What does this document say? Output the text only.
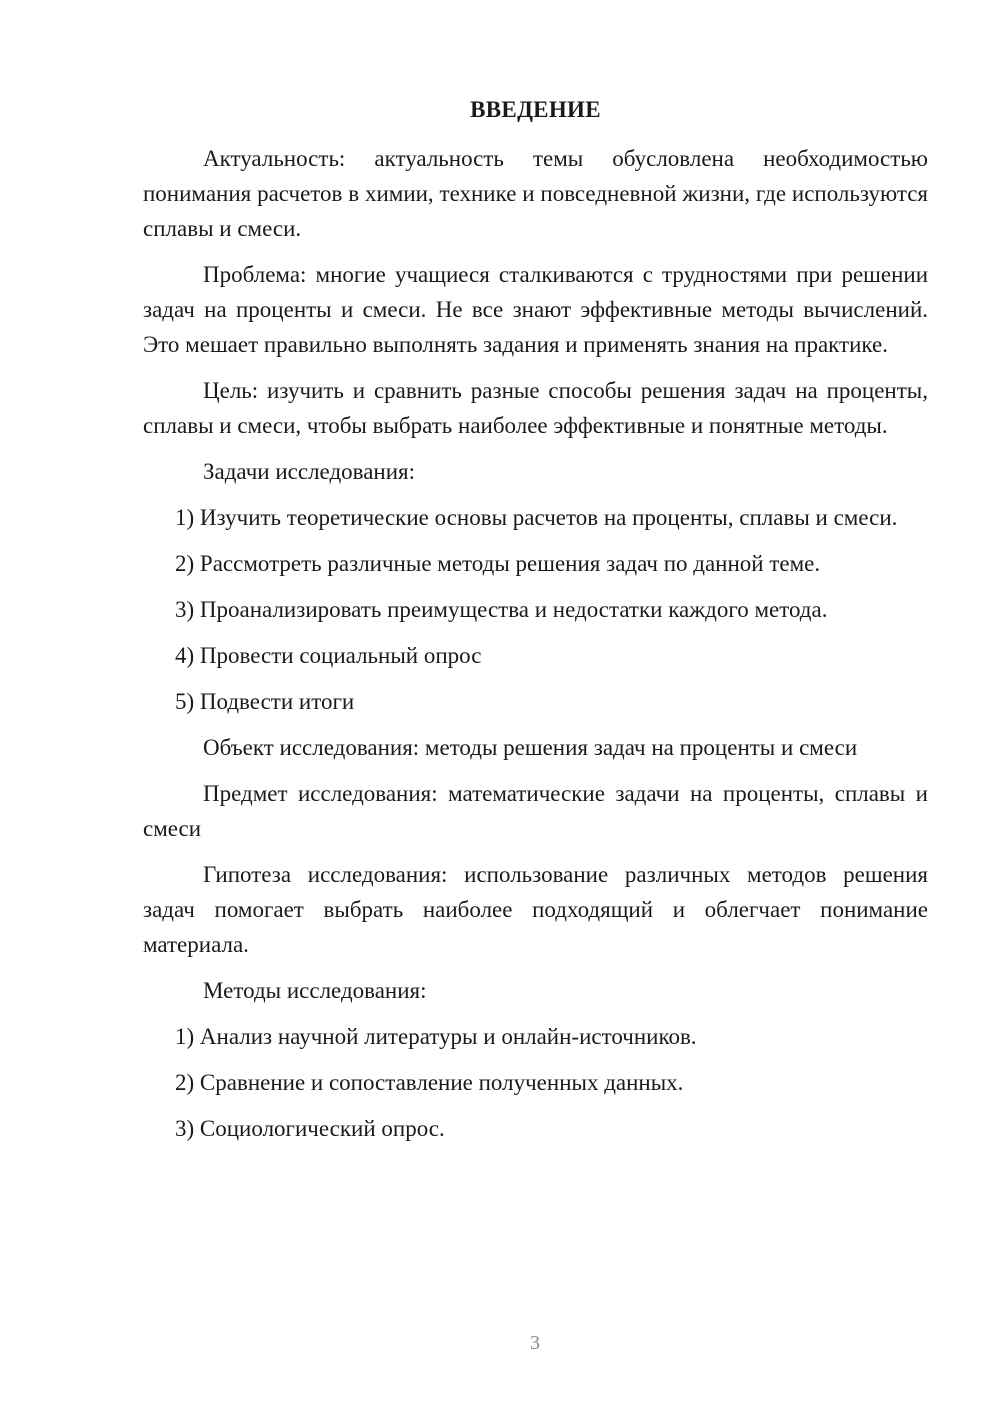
ВВЕДЕНИЕ

Актуальность: актуальность темы обусловлена необходимостью понимания расчетов в химии, технике и повседневной жизни, где используются сплавы и смеси.

Проблема: многие учащиеся сталкиваются с трудностями при решении задач на проценты и смеси. Не все знают эффективные методы вычислений. Это мешает правильно выполнять задания и применять знания на практике.

Цель: изучить и сравнить разные способы решения задач на проценты, сплавы и смеси, чтобы выбрать наиболее эффективные и понятные методы.

Задачи исследования:

1) Изучить теоретические основы расчетов на проценты, сплавы и смеси.

2) Рассмотреть различные методы решения задач по данной теме.

3) Проанализировать преимущества и недостатки каждого метода.

4) Провести социальный опрос

5) Подвести итоги

Объект исследования: методы решения задач на проценты и смеси

Предмет исследования: математические задачи на проценты, сплавы и смеси

Гипотеза исследования: использование различных методов решения задач помогает выбрать наиболее подходящий и облегчает понимание материала.

Методы исследования:

1) Анализ научной литературы и онлайн-источников.

2) Сравнение и сопоставление полученных данных.

3) Социологический опрос.

3
